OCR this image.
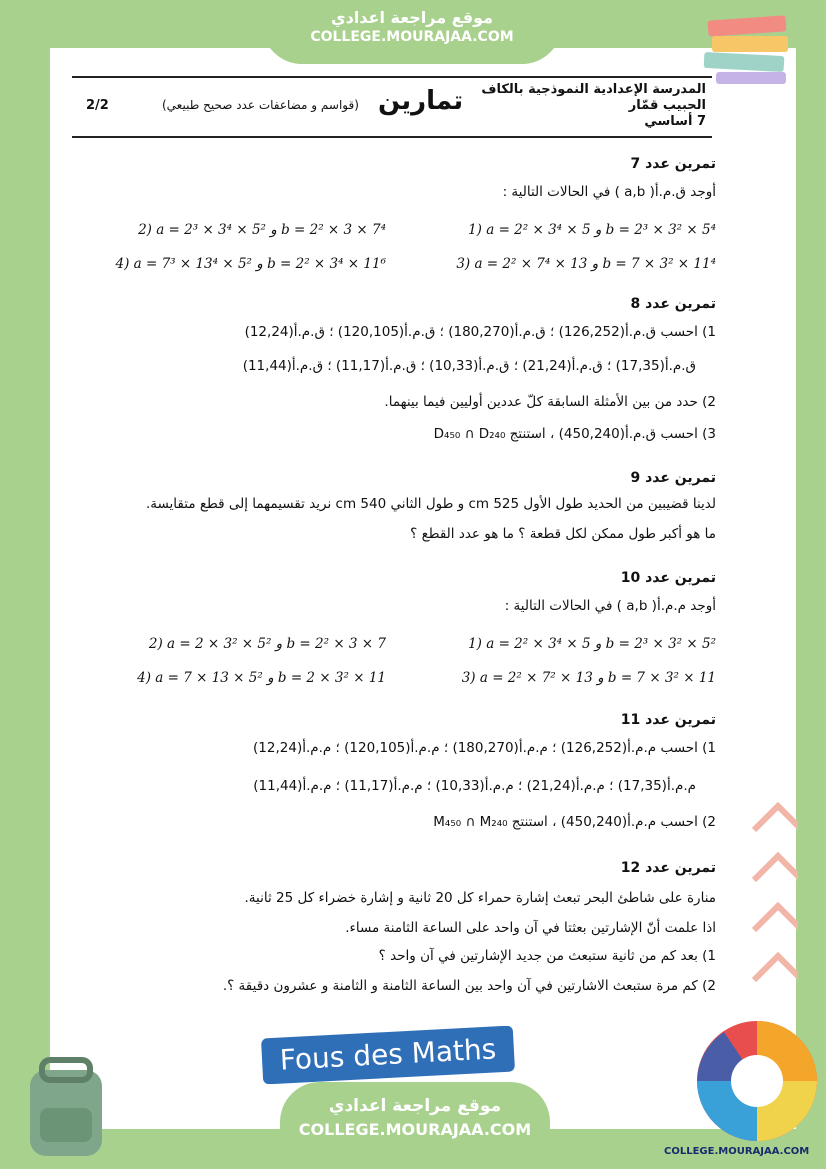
موقع مراجعة اعدادي
COLLEGE.MOURAJAA.COM
المدرسة الإعدادية النموذجية بالكاف
الحبيب قمّار
7 أساسي
تمارين
(قواسم و مضاعفات عدد صحيح طبيعي)
2/2
تمرين عدد 7
أوجد ق.م.أ( a,b ) في الحالات التالية :
1) a = 2² × 3⁴ × 5 و b = 2³ × 3² × 5⁴
2) a = 2³ × 3⁴ × 5² و b = 2² × 3 × 7⁴
3) a = 2² × 7⁴ × 13 و b = 7 × 3² × 11⁴
4) a = 7³ × 13⁴ × 5² و b = 2² × 3⁴ × 11⁶
تمرين عدد 8
1) احسب ق.م.أ(126,252) ؛ ق.م.أ(180,270) ؛ ق.م.أ(120,105) ؛ ق.م.أ(12,24)
ق.م.أ(17,35) ؛ ق.م.أ(21,24) ؛ ق.م.أ(10,33) ؛ ق.م.أ(11,17) ؛ ق.م.أ(11,44)
2) حدد من بين الأمثلة السابقة كلّ عددين أوليين فيما بينهما.
3) احسب ق.م.أ(450,240) ، استنتج D₄₅₀ ∩ D₂₄₀
تمرين عدد 9
لدينا قضيبين من الحديد طول الأول 525 cm و طول الثاني 540 cm نريد تقسيمهما إلى قطع متقايسة.
ما هو أكبر طول ممكن لكل قطعة ؟ ما هو عدد القطع ؟
تمرين عدد 10
أوجد م.م.أ( a,b ) في الحالات التالية :
1) a = 2² × 3⁴ × 5 و b = 2³ × 3² × 5²
2) a = 2 × 3² × 5² و b = 2² × 3 × 7
3) a = 2² × 7² × 13 و b = 7 × 3² × 11
4) a = 7 × 13 × 5² و b = 2 × 3² × 11
تمرين عدد 11
1) احسب م.م.أ(126,252) ؛ م.م.أ(180,270) ؛ م.م.أ(120,105) ؛ م.م.أ(12,24)
م.م.أ(17,35) ؛ م.م.أ(21,24) ؛ م.م.أ(10,33) ؛ م.م.أ(11,17) ؛ م.م.أ(11,44)
2) احسب م.م.أ(450,240) ، استنتج M₄₅₀ ∩ M₂₄₀
تمرين عدد 12
منارة على شاطئ البحر تبعث إشارة حمراء كل 20 ثانية و إشارة خضراء كل 25 ثانية.
اذا علمت أنّ الإشارتين بعثتا في آن واحد على الساعة الثامنة مساء.
1) بعد كم من ثانية ستبعث من جديد الإشارتين في آن واحد ؟
2) كم مرة ستبعث الاشارتين في آن واحد بين الساعة الثامنة و الثامنة و عشرون دقيقة ؟.
Fous des Maths
موقع مراجعة اعدادي
COLLEGE.MOURAJAA.COM
COLLEGE.MOURAJAA.COM
